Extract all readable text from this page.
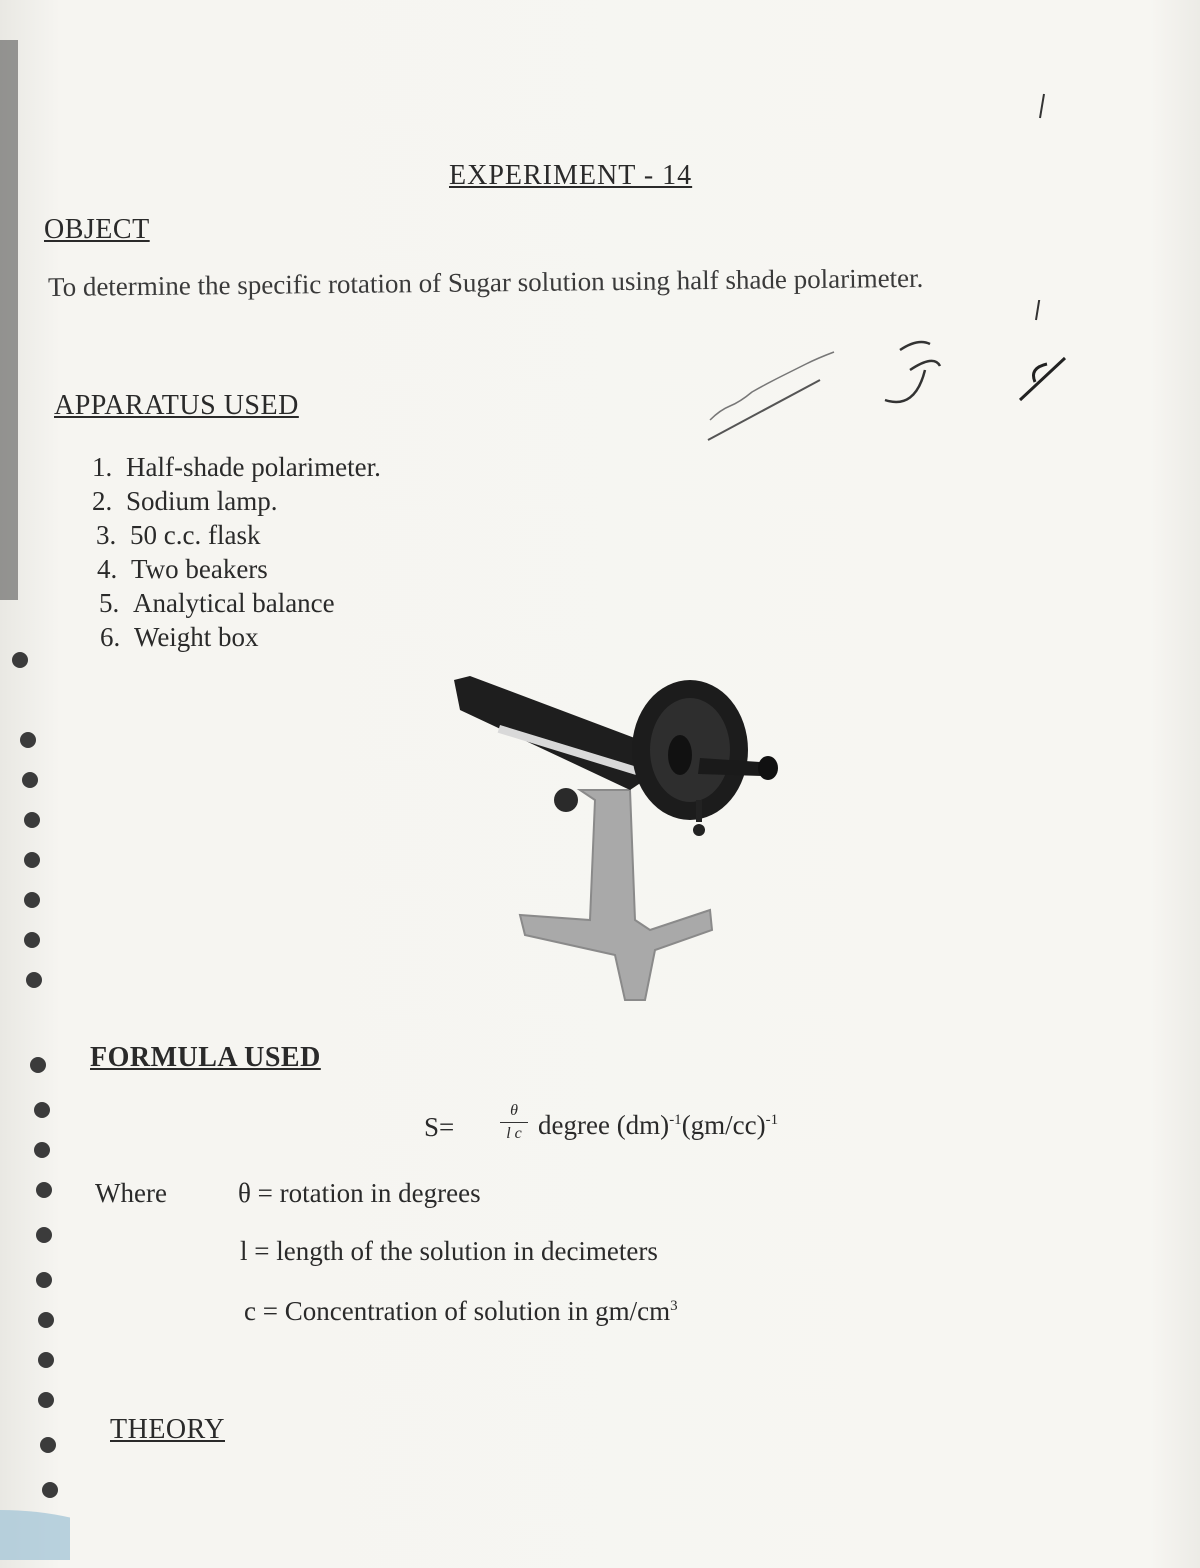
EXPERIMENT - 14
OBJECT

To determine the specific rotation of Sugar solution using half shade polarimeter.

APPARATUS USED
1. Half-shade polarimeter.
2. Sodium lamp.
3. 50 c.c. flask
4. Two beakers
5. Analytical balance
6. Weight box
FORMULA USED
S=
θ
l c degree $(dm)^{-1}(gm/cc)^{-1}$

Where	θ = rotation in degrees

l = length of the solution in decimeters

c = Concentration of solution in $gm/cm^3$

THEORY
